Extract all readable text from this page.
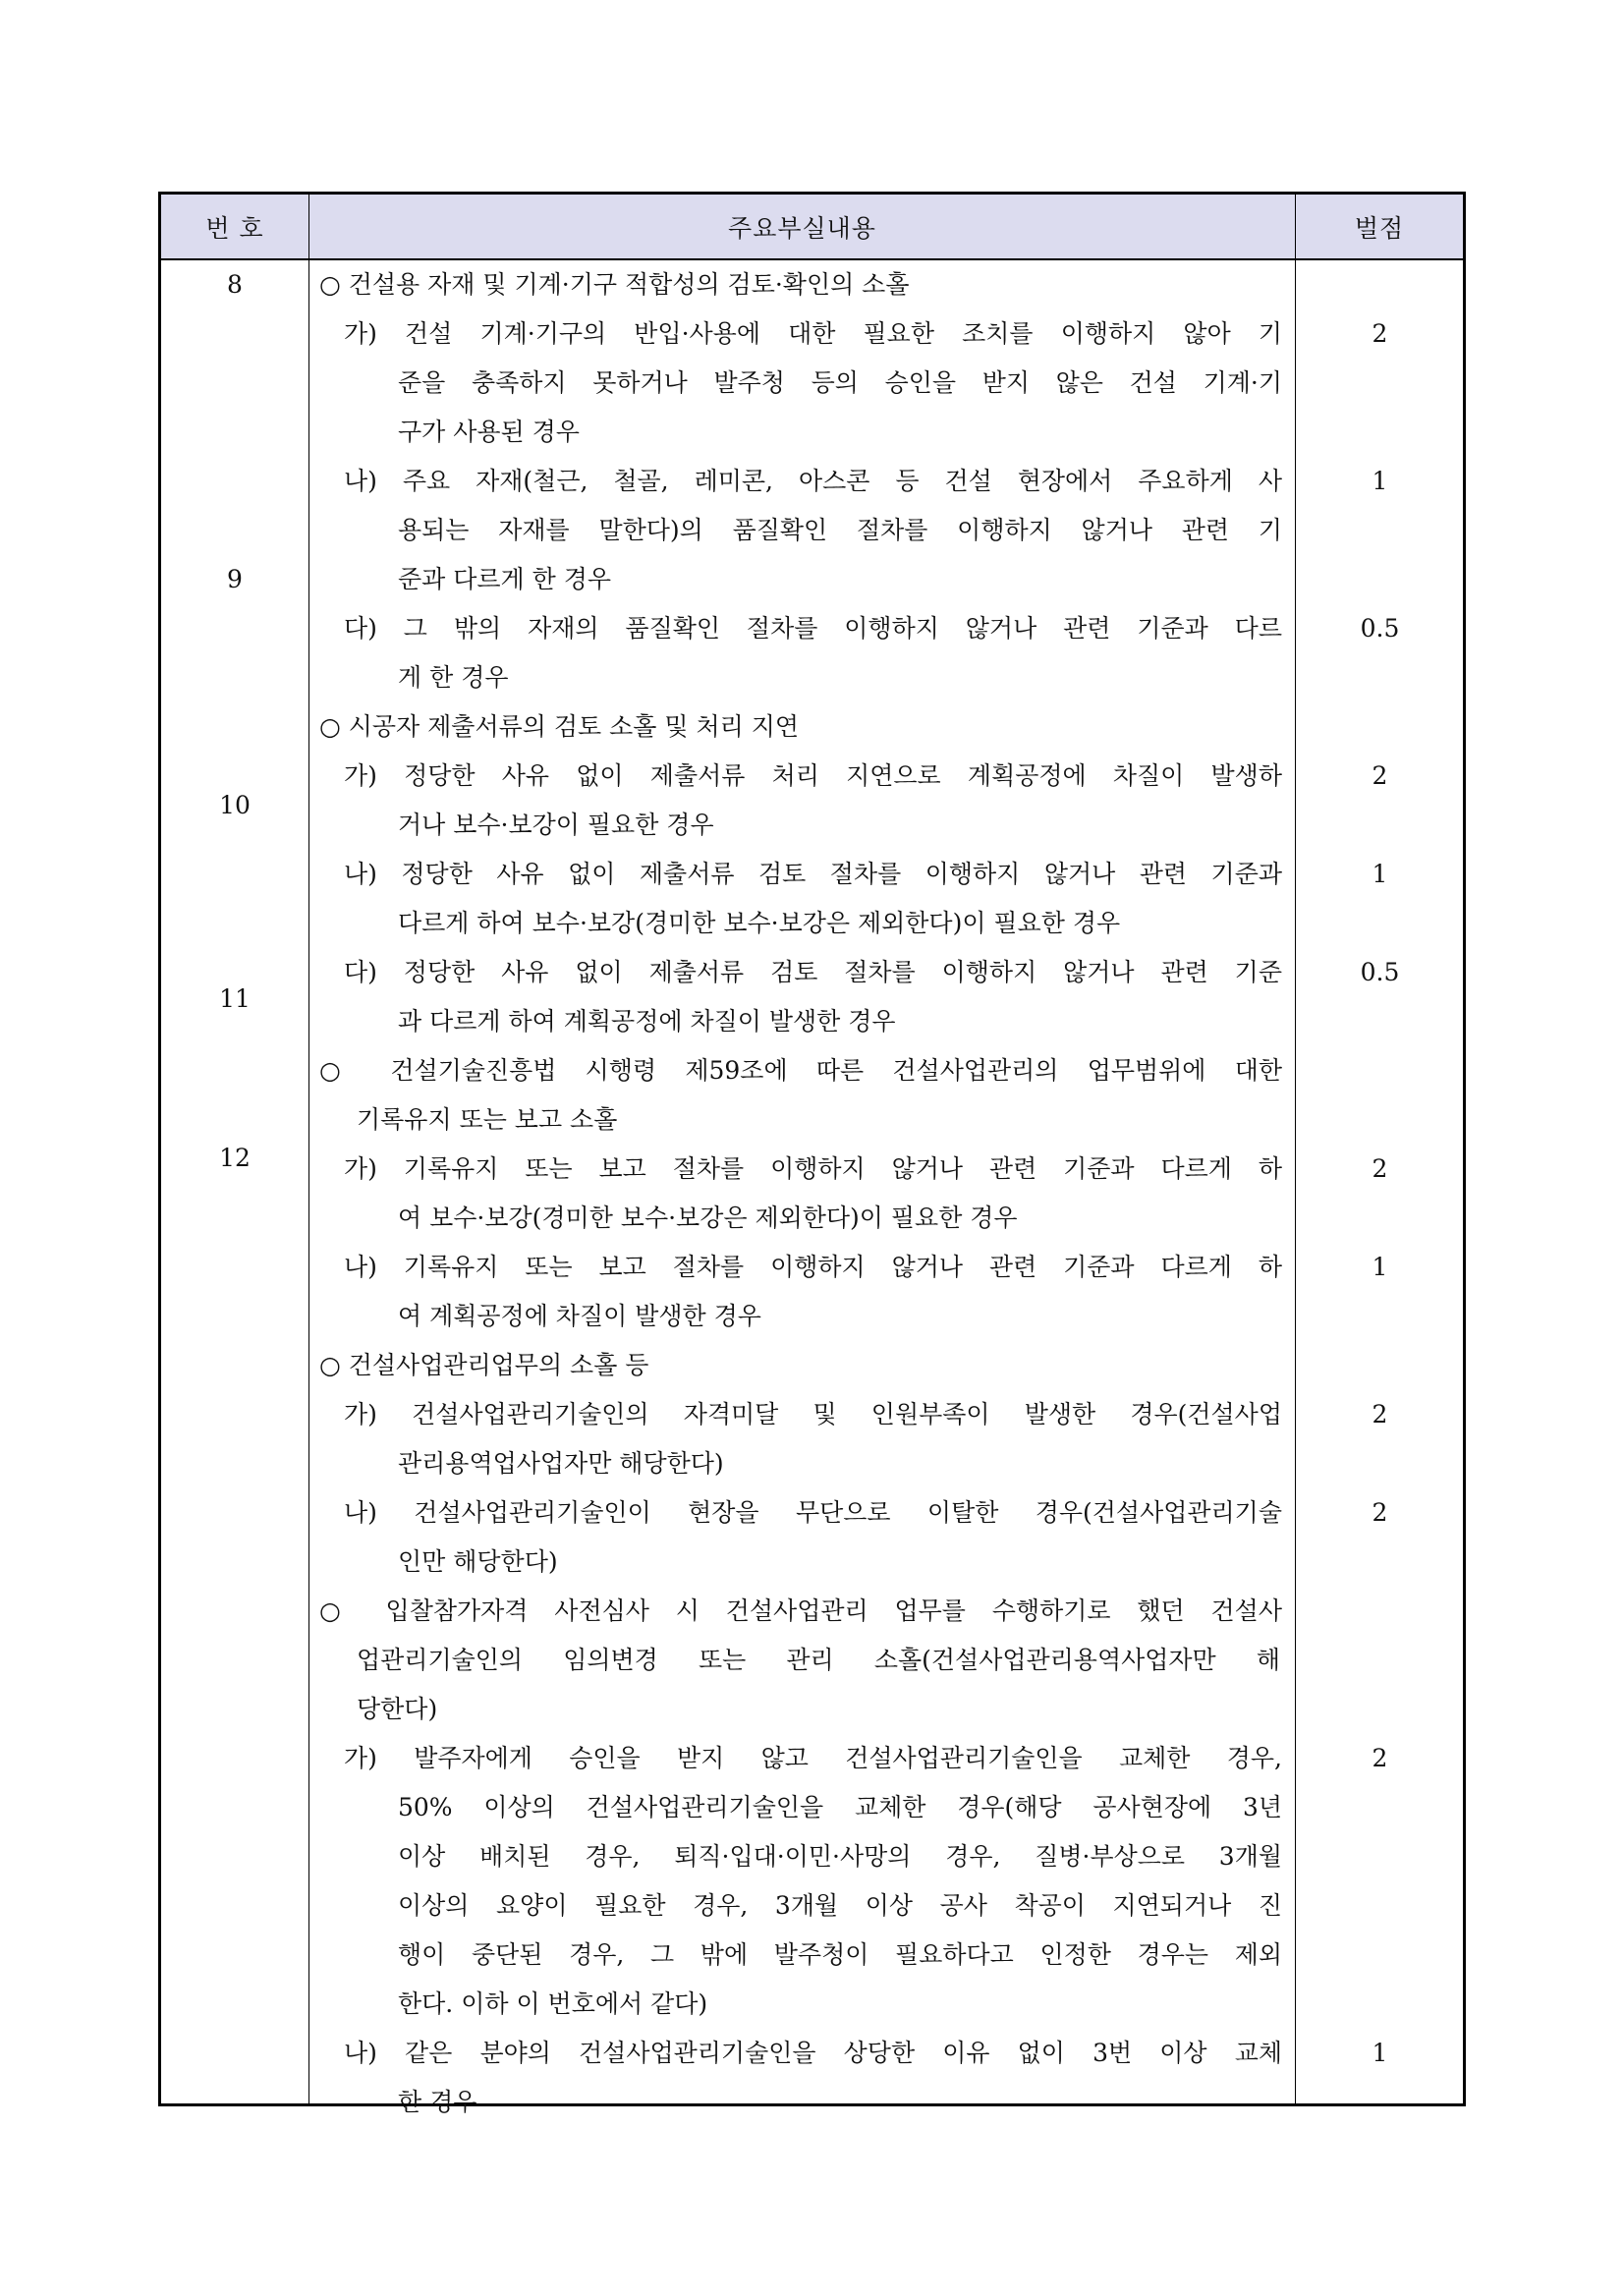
번 호	주요부실내용	벌점
8
9
10
11
12
○ 건설용 자재 및 기계·기구 적합성의 검토·확인의 소홀
가) 건설 기계·기구의 반입·사용에 대한 필요한 조치를 이행하지 않아 기
준을 충족하지 못하거나 발주청 등의 승인을 받지 않은 건설 기계·기
구가 사용된 경우
나) 주요 자재(철근, 철골, 레미콘, 아스콘 등 건설 현장에서 주요하게 사
용되는 자재를 말한다)의 품질확인 절차를 이행하지 않거나 관련 기
준과 다르게 한 경우
다) 그 밖의 자재의 품질확인 절차를 이행하지 않거나 관련 기준과 다르
게 한 경우
○ 시공자 제출서류의 검토 소홀 및 처리 지연
가) 정당한 사유 없이 제출서류 처리 지연으로 계획공정에 차질이 발생하
거나 보수·보강이 필요한 경우
나) 정당한 사유 없이 제출서류 검토 절차를 이행하지 않거나 관련 기준과
다르게 하여 보수·보강(경미한 보수·보강은 제외한다)이 필요한 경우
다) 정당한 사유 없이 제출서류 검토 절차를 이행하지 않거나 관련 기준
과 다르게 하여 계획공정에 차질이 발생한 경우
○ 건설기술진흥법 시행령 제59조에 따른 건설사업관리의 업무범위에 대한
기록유지 또는 보고 소홀
가) 기록유지 또는 보고 절차를 이행하지 않거나 관련 기준과 다르게 하
여 보수·보강(경미한 보수·보강은 제외한다)이 필요한 경우
나) 기록유지 또는 보고 절차를 이행하지 않거나 관련 기준과 다르게 하
여 계획공정에 차질이 발생한 경우
○ 건설사업관리업무의 소홀 등
가) 건설사업관리기술인의 자격미달 및 인원부족이 발생한 경우(건설사업
관리용역업사업자만 해당한다)
나) 건설사업관리기술인이 현장을 무단으로 이탈한 경우(건설사업관리기술
인만 해당한다)
○ 입찰참가자격 사전심사 시 건설사업관리 업무를 수행하기로 했던 건설사
업관리기술인의 임의변경 또는 관리 소홀(건설사업관리용역사업자만 해
당한다)
가) 발주자에게 승인을 받지 않고 건설사업관리기술인을 교체한 경우,
50% 이상의 건설사업관리기술인을 교체한 경우(해당 공사현장에 3년
이상 배치된 경우, 퇴직·입대·이민·사망의 경우, 질병·부상으로 3개월
이상의 요양이 필요한 경우, 3개월 이상 공사 착공이 지연되거나 진
행이 중단된 경우, 그 밖에 발주청이 필요하다고 인정한 경우는 제외
한다. 이하 이 번호에서 같다)
나) 같은 분야의 건설사업관리기술인을 상당한 이유 없이 3번 이상 교체
한 경우
2
1
0.5
2
1
0.5
2
1
2
2
2
1
